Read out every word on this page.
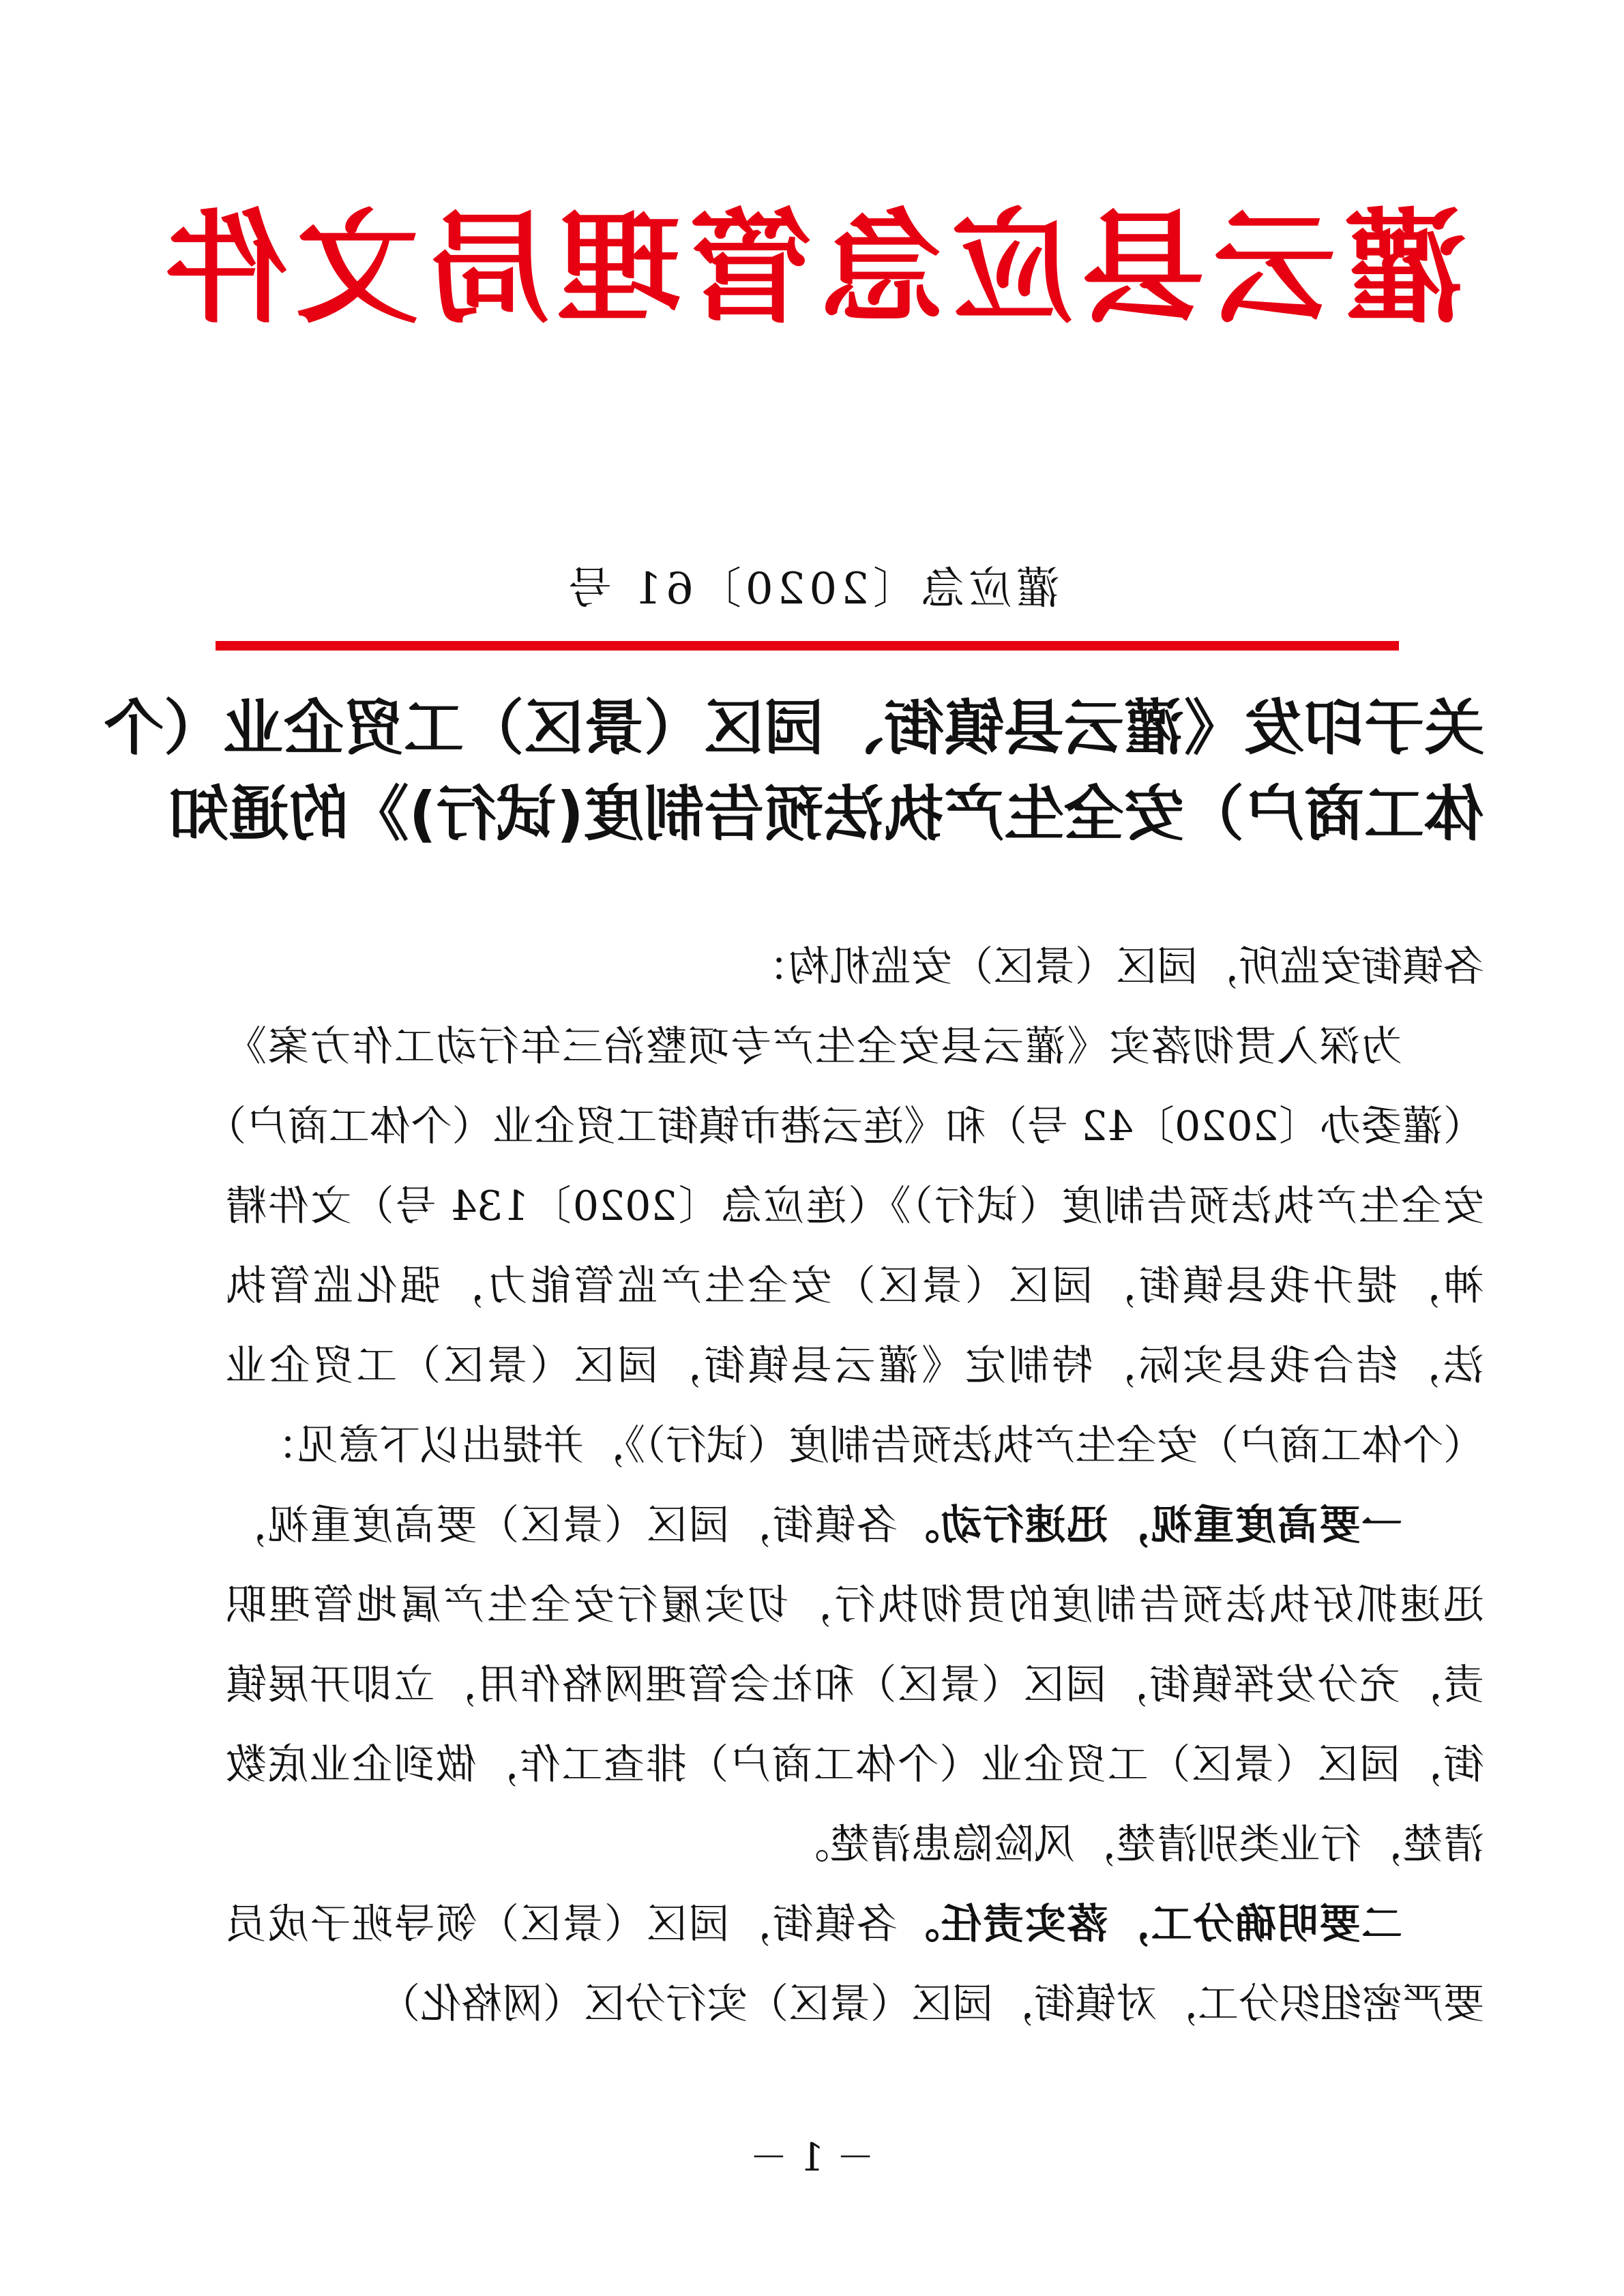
灌云县应急管理局文件
灌应急〔2020〕61 号
关于印发《灌云县镇街、园区（景区）工贸企业（个
体工商户）安全生产执法预告制度(试行)》的通知

各镇街安监所，园区（景区）安监机构：

为深入贯彻落实《灌云县安全生产专项整治三年行动工作方案》（灌委办〔2020〕42 号）和《连云港市镇街工贸企业（个体工商户）安全生产执法预告制度（试行）》（连应急〔2020〕134 号）文件精神，提升我县镇街，园区（景区）安全生产监管能力，强化监管执法，结合我县实际，特制定《灌云县镇街，园区（景区）工贸企业（个体工商户）安全生产执法预告制度（试行）》，并提出以下意见：

一要高度重视，迅速行动。各镇街，园区（景区）要高度重视，迅速抓好执法预告制度的贯彻执行，切实履行安全生产属地管理职责，充分发挥镇街，园区（景区）和社会管理网格作用，立即开展镇街，园区（景区）工贸企业（个体工商户）排查工作，做到企业底数清楚，行业类别清楚，风险隐患清楚。

二要明确分工，落实责任。各镇街，园区（景区）领导班子成员要严密组织分工，对镇街，园区（景区）实行分区（网格化）

－ 1 －
